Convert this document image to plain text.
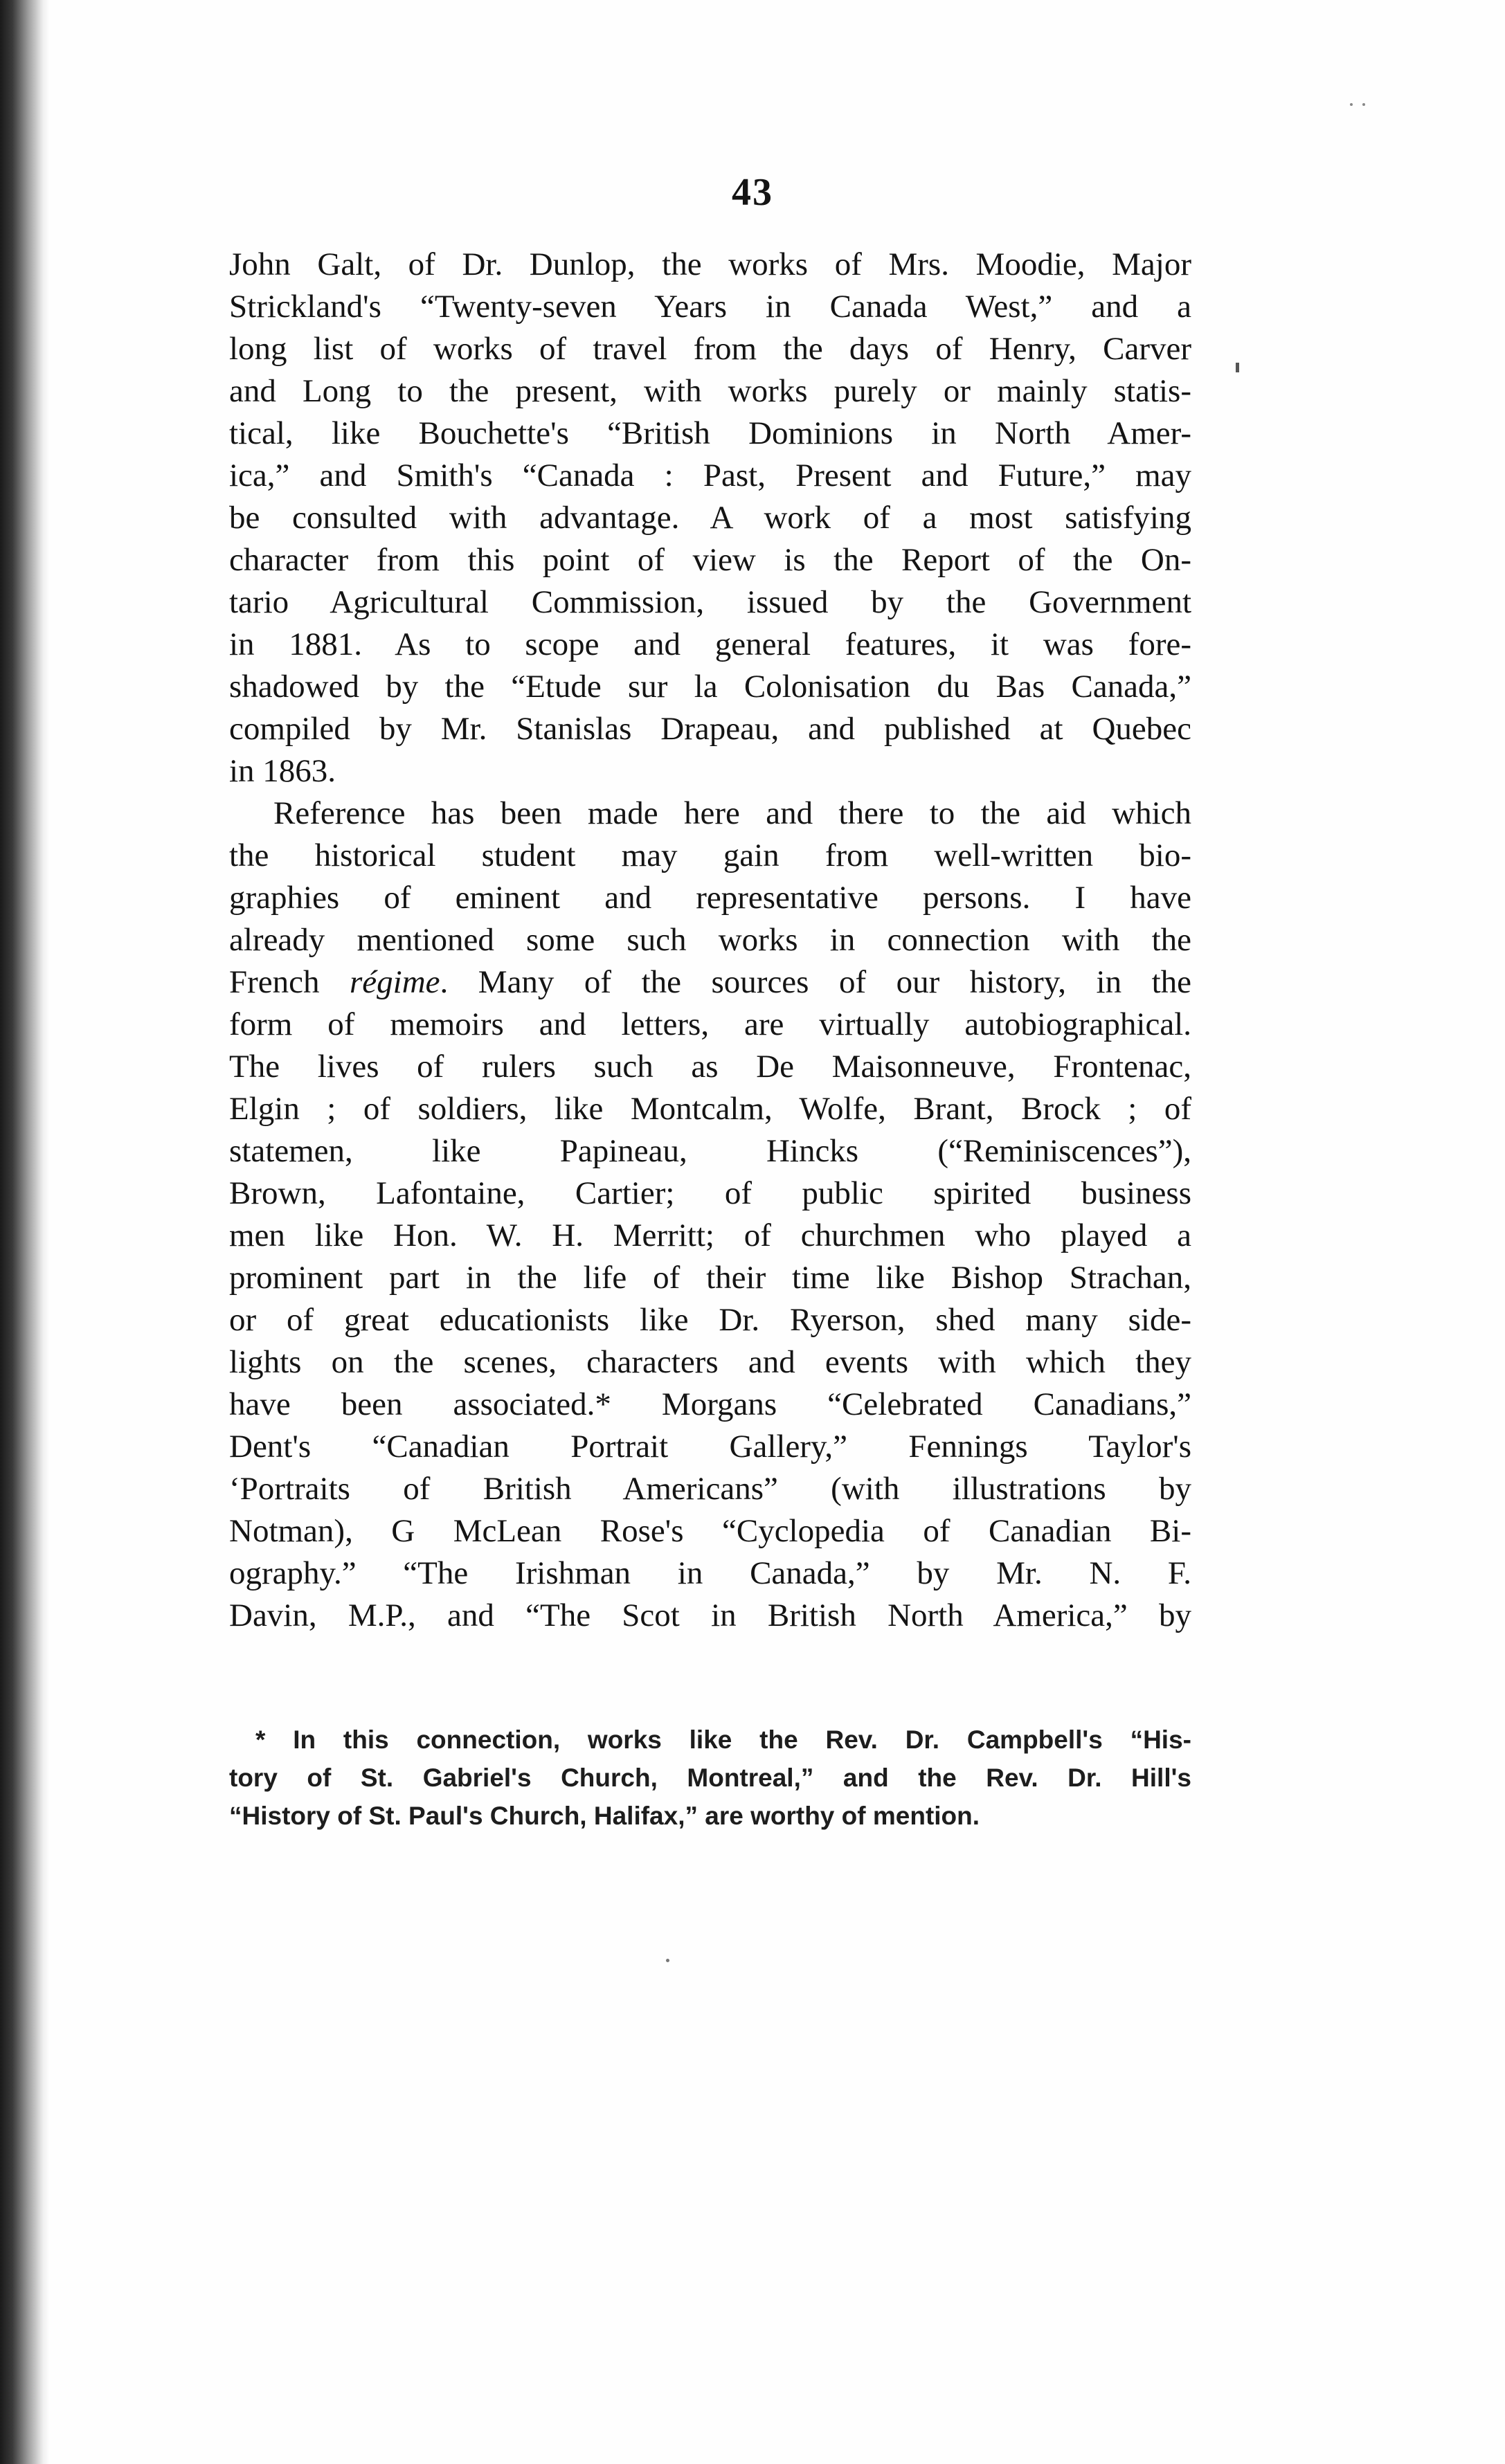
43
John Galt, of Dr. Dunlop, the works of Mrs. Moodie, Major
Strickland's “Twenty-seven Years in Canada West,” and a
long list of works of travel from the days of Henry, Carver
and Long to the present, with works purely or mainly statis-
tical, like Bouchette's “British Dominions in North Amer-
ica,” and Smith's “Canada : Past, Present and Future,” may
be consulted with advantage. A work of a most satisfying
character from this point of view is the Report of the On-
tario Agricultural Commission, issued by the Government
in 1881. As to scope and general features, it was fore-
shadowed by the “Etude sur la Colonisation du Bas Canada,”
compiled by Mr. Stanislas Drapeau, and published at Quebec
in 1863.
Reference has been made here and there to the aid which
the historical student may gain from well-written bio-
graphies of eminent and representative persons. I have
already mentioned some such works in connection with the
French régime. Many of the sources of our history, in the
form of memoirs and letters, are virtually autobiographical.
The lives of rulers such as De Maisonneuve, Frontenac,
Elgin ; of soldiers, like Montcalm, Wolfe, Brant, Brock ; of
statemen, like Papineau, Hincks (“Reminiscences”),
Brown, Lafontaine, Cartier; of public spirited business
men like Hon. W. H. Merritt; of churchmen who played a
prominent part in the life of their time like Bishop Strachan,
or of great educationists like Dr. Ryerson, shed many side-
lights on the scenes, characters and events with which they
have been associated.* Morgans “Celebrated Canadians,”
Dent's “Canadian Portrait Gallery,” Fennings Taylor's
‘Portraits of British Americans” (with illustrations by
Notman), G McLean Rose's “Cyclopedia of Canadian Bi-
ography.” “The Irishman in Canada,” by Mr. N. F.
Davin, M.P., and “The Scot in British North America,” by
* In this connection, works like the Rev. Dr. Campbell's “His-
tory of St. Gabriel's Church, Montreal,” and the Rev. Dr. Hill's
“History of St. Paul's Church, Halifax,” are worthy of mention.
